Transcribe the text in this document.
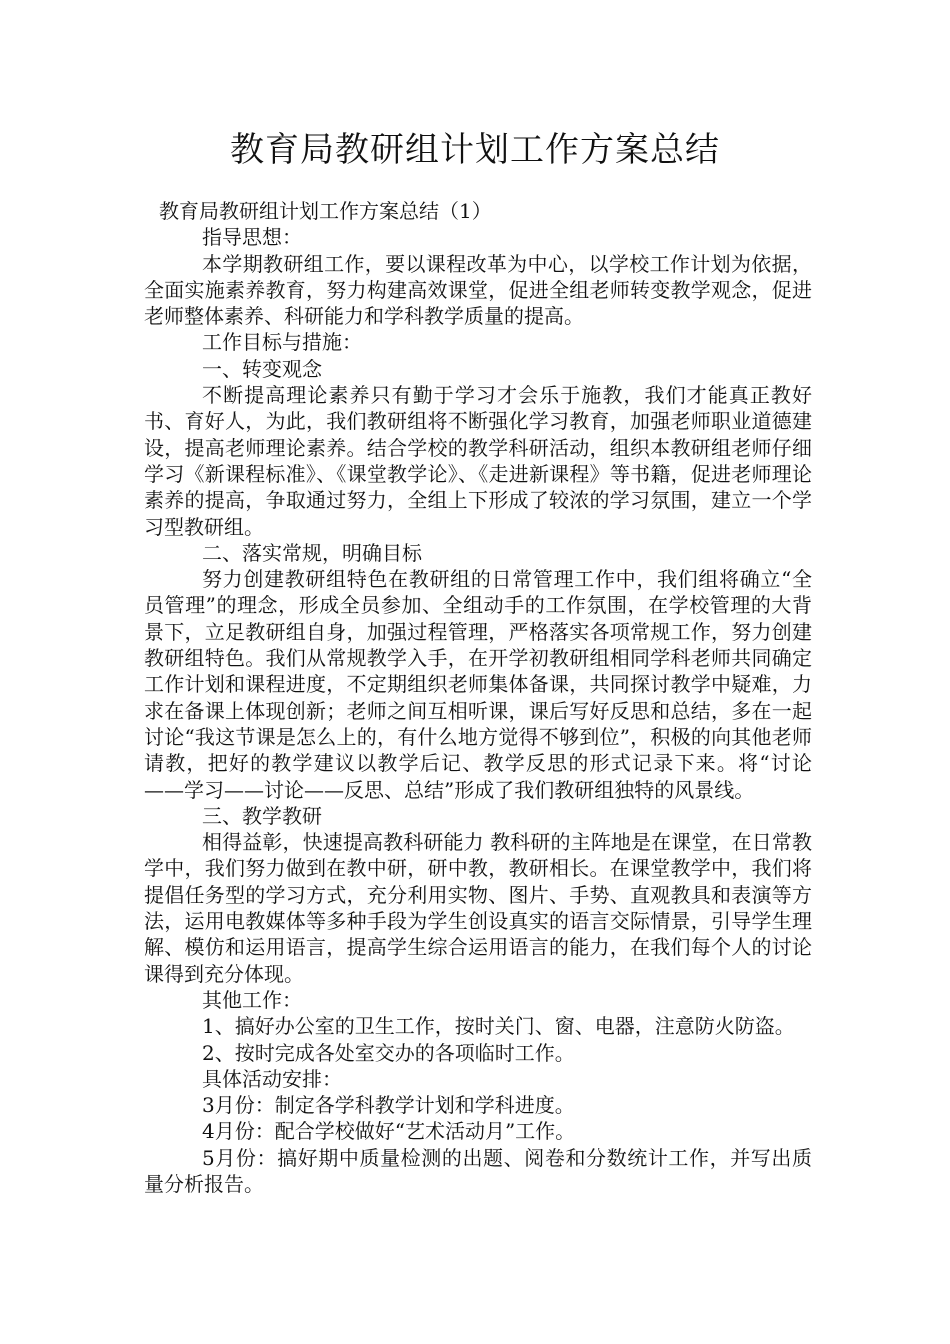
教育局教研组计划工作方案总结

教育局教研组计划工作方案总结（1）

指导思想：

本学期教研组工作，要以课程改革为中心，以学校工作计划为依据，全面实施素养教育，努力构建高效课堂，促进全组老师转变教学观念，促进老师整体素养、科研能力和学科教学质量的提高。

工作目标与措施：

一、转变观念

不断提高理论素养只有勤于学习才会乐于施教，我们才能真正教好书、育好人，为此，我们教研组将不断强化学习教育，加强老师职业道德建设，提高老师理论素养。结合学校的教学科研活动，组织本教研组老师仔细学习《新课程标准》、《课堂教学论》、《走进新课程》等书籍，促进老师理论素养的提高，争取通过努力，全组上下形成了较浓的学习氛围，建立一个学习型教研组。

二、落实常规，明确目标

努力创建教研组特色在教研组的日常管理工作中，我们组将确立“全员管理”的理念，形成全员参加、全组动手的工作氛围，在学校管理的大背景下，立足教研组自身，加强过程管理，严格落实各项常规工作，努力创建教研组特色。我们从常规教学入手，在开学初教研组相同学科老师共同确定工作计划和课程进度，不定期组织老师集体备课，共同探讨教学中疑难，力求在备课上体现创新；老师之间互相听课，课后写好反思和总结，多在一起讨论“我这节课是怎么上的，有什么地方觉得不够到位”，积极的向其他老师请教，把好的教学建议以教学后记、教学反思的形式记录下来。将“讨论——学习——讨论——反思、总结”形成了我们教研组独特的风景线。

三、教学教研

相得益彰，快速提高教科研能力 教科研的主阵地是在课堂，在日常教学中，我们努力做到在教中研，研中教，教研相长。在课堂教学中，我们将提倡任务型的学习方式，充分利用实物、图片、手势、直观教具和表演等方法，运用电教媒体等多种手段为学生创设真实的语言交际情景，引导学生理解、模仿和运用语言，提高学生综合运用语言的能力，在我们每个人的讨论课得到充分体现。

其他工作：

1、搞好办公室的卫生工作，按时关门、窗、电器，注意防火防盗。

2、按时完成各处室交办的各项临时工作。

具体活动安排：

3月份：制定各学科教学计划和学科进度。

4月份：配合学校做好“艺术活动月”工作。

5月份：搞好期中质量检测的出题、阅卷和分数统计工作，并写出质量分析报告。
